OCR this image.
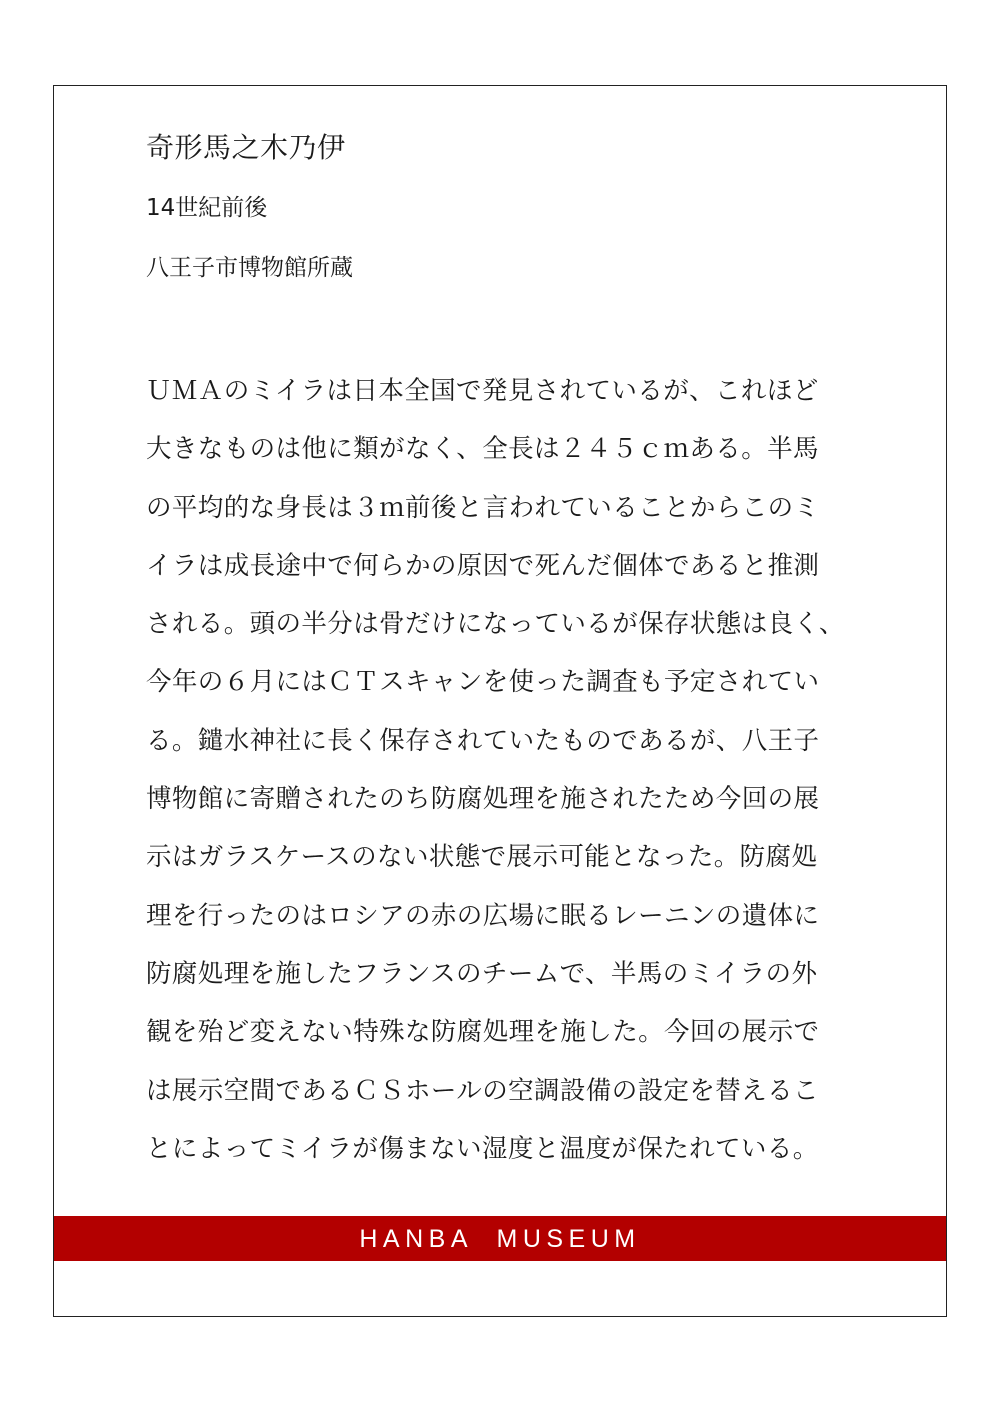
奇形馬之木乃伊
14世紀前後
八王子市博物館所蔵
ＵＭＡのミイラは日本全国で発見されているが、これほど
大きなものは他に類がなく、全長は２４５ｃｍある。半馬
の平均的な身長は３ｍ前後と言われていることからこのミ
イラは成長途中で何らかの原因で死んだ個体であると推測
される。頭の半分は骨だけになっているが保存状態は良く、
今年の６月にはＣＴスキャンを使った調査も予定されてい
る。鑓水神社に長く保存されていたものであるが、八王子
博物館に寄贈されたのち防腐処理を施されたため今回の展
示はガラスケースのない状態で展示可能となった。防腐処
理を行ったのはロシアの赤の広場に眠るレーニンの遺体に
防腐処理を施したフランスのチームで、半馬のミイラの外
観を殆ど変えない特殊な防腐処理を施した。今回の展示で
は展示空間であるＣＳホールの空調設備の設定を替えるこ
とによってミイラが傷まない湿度と温度が保たれている。
HANBA  MUSEUM
